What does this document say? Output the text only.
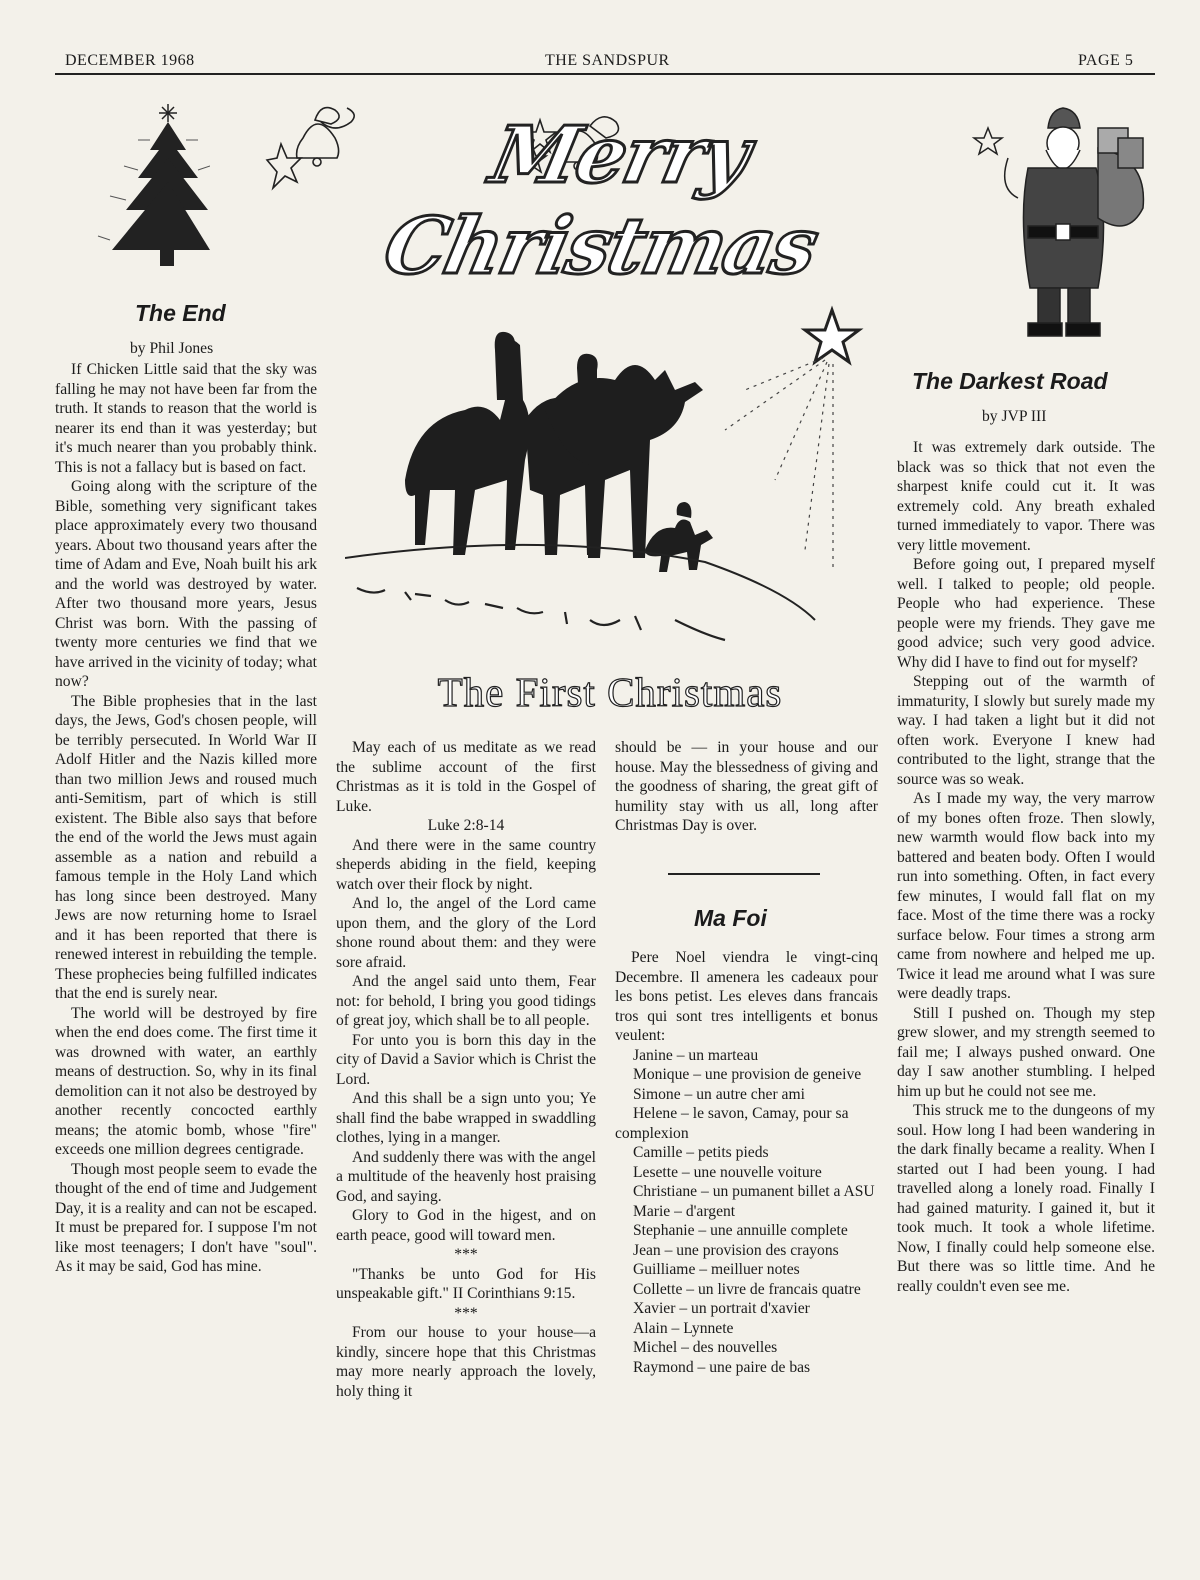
DECEMBER 1968	THE SANDSPUR	PAGE 5

Merry Christmas
The End
by Phil Jones

If Chicken Little said that the sky was falling he may not have been far from the truth. It stands to reason that the world is nearer its end than it was yesterday; but it's much nearer than you probably think. This is not a fallacy but is based on fact.

Going along with the scripture of the Bible, something very significant takes place approximately every two thousand years. About two thousand years after the time of Adam and Eve, Noah built his ark and the world was destroyed by water. After two thousand more years, Jesus Christ was born. With the passing of twenty more centuries we find that we have arrived in the vicinity of today; what now?

The Bible prophesies that in the last days, the Jews, God's chosen people, will be terribly persecuted. In World War II Adolf Hitler and the Nazis killed more than two million Jews and roused much anti-Semitism, part of which is still existent. The Bible also says that before the end of the world the Jews must again assemble as a nation and rebuild a famous temple in the Holy Land which has long since been destroyed. Many Jews are now returning home to Israel and it has been reported that there is renewed interest in rebuilding the temple. These prophecies being fulfilled indicates that the end is surely near.

The world will be destroyed by fire when the end does come. The first time it was drowned with water, an earthly means of destruction. So, why in its final demolition can it not also be destroyed by another recently concocted earthly means; the atomic bomb, whose "fire" exceeds one million degrees centigrade.

Though most people seem to evade the thought of the end of time and Judgement Day, it is a reality and can not be escaped. It must be prepared for. I suppose I'm not like most teenagers; I don't have "soul". As it may be said, God has mine.

The First Christmas

May each of us meditate as we read the sublime account of the first Christmas as it is told in the Gospel of Luke.

Luke 2:8-14

And there were in the same country sheperds abiding in the field, keeping watch over their flock by night.

And lo, the angel of the Lord came upon them, and the glory of the Lord shone round about them: and they were sore afraid.

And the angel said unto them, Fear not: for behold, I bring you good tidings of great joy, which shall be to all people.

For unto you is born this day in the city of David a Savior which is Christ the Lord.

And this shall be a sign unto you; Ye shall find the babe wrapped in swaddling clothes, lying in a manger.

And suddenly there was with the angel a multitude of the heavenly host praising God, and saying.

Glory to God in the higest, and on earth peace, good will toward men.

***

"Thanks be unto God for His unspeakable gift." II Corinthians 9:15.

***

From our house to your house—a kindly, sincere hope that this Christmas may more nearly approach the lovely, holy thing it

should be — in your house and our house. May the blessedness of giving and the goodness of sharing, the great gift of humility stay with us all, long after Christmas Day is over.

Ma Foi

Pere Noel viendra le vingt-cinq Decembre. Il amenera les cadeaux pour les bons petist. Les eleves dans francais tros qui sont tres intelligents et bonus veulent:

Janine – un marteau

Monique – une provision de geneive

Simone – un autre cher ami

Helene – le savon, Camay, pour sa complexion

Camille – petits pieds

Lesette – une nouvelle voiture

Christiane – un pumanent billet a ASU

Marie – d'argent

Stephanie – une annuille complete

Jean – une provision des crayons

Guilliame – meilluer notes

Collette – un livre de francais quatre

Xavier – un portrait d'xavier

Alain – Lynnete

Michel – des nouvelles

Raymond – une paire de bas

The Darkest Road
by JVP III

It was extremely dark outside. The black was so thick that not even the sharpest knife could cut it. It was extremely cold. Any breath exhaled turned immediately to vapor. There was very little movement.

Before going out, I prepared myself well. I talked to people; old people. People who had experience. These people were my friends. They gave me good advice; such very good advice. Why did I have to find out for myself?

Stepping out of the warmth of immaturity, I slowly but surely made my way. I had taken a light but it did not often work. Everyone I knew had contributed to the light, strange that the source was so weak.

As I made my way, the very marrow of my bones often froze. Then slowly, new warmth would flow back into my battered and beaten body. Often I would run into something. Often, in fact every few minutes, I would fall flat on my face. Most of the time there was a rocky surface below. Four times a strong arm came from nowhere and helped me up. Twice it lead me around what I was sure were deadly traps.

Still I pushed on. Though my step grew slower, and my strength seemed to fail me; I always pushed onward. One day I saw another stumbling. I helped him up but he could not see me.

This struck me to the dungeons of my soul. How long I had been wandering in the dark finally became a reality. When I started out I had been young. I had travelled along a lonely road. Finally I had gained maturity. I gained it, but it took much. It took a whole lifetime. Now, I finally could help someone else. But there was so little time. And he really couldn't even see me.
